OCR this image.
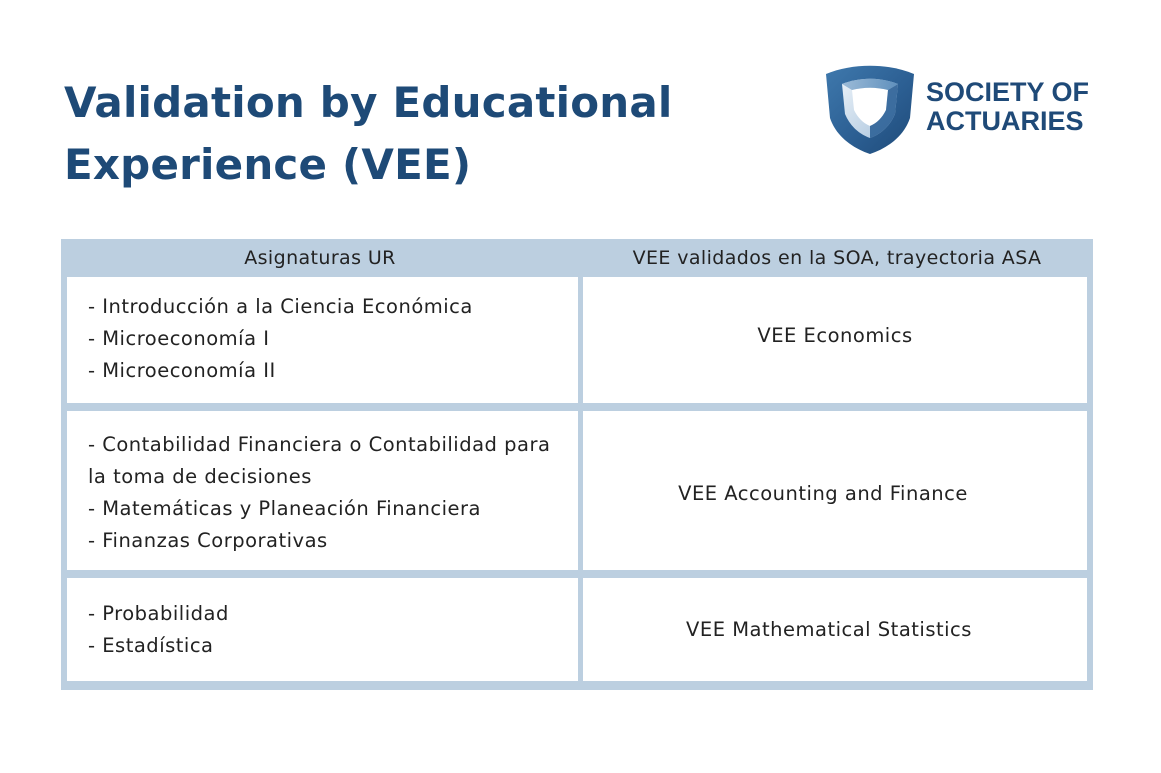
Validation by Educational
Experience (VEE)
SOCIETY OF
ACTUARIES
Asignaturas UR	VEE validados en la SOA, trayectoria ASA
- Introducción a la Ciencia Económica
- Microeconomía I
- Microeconomía II
VEE Economics
- Contabilidad Financiera o Contabilidad para la toma de decisiones
- Matemáticas y Planeación Financiera
- Finanzas Corporativas
VEE Accounting and Finance
- Probabilidad
- Estadística
VEE Mathematical Statistics
